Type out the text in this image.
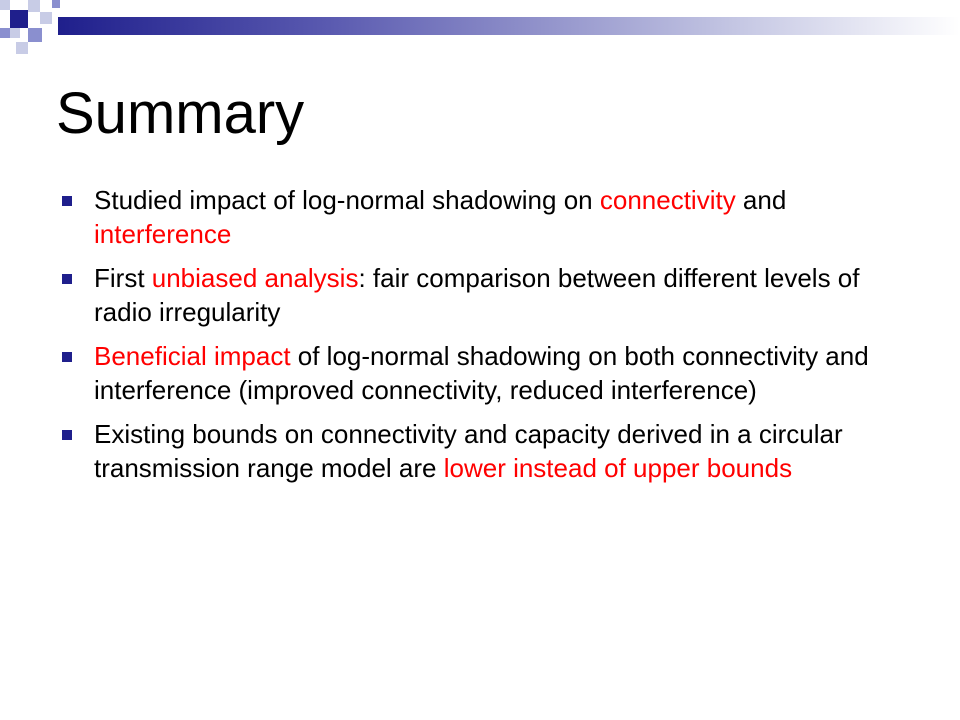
Summary
Studied impact of log-normal shadowing on connectivity and interference
First unbiased analysis: fair comparison between different levels of radio irregularity
Beneficial impact of log-normal shadowing on both connectivity and interference (improved connectivity, reduced interference)
Existing bounds on connectivity and capacity derived in a circular transmission range model are lower instead of upper bounds
